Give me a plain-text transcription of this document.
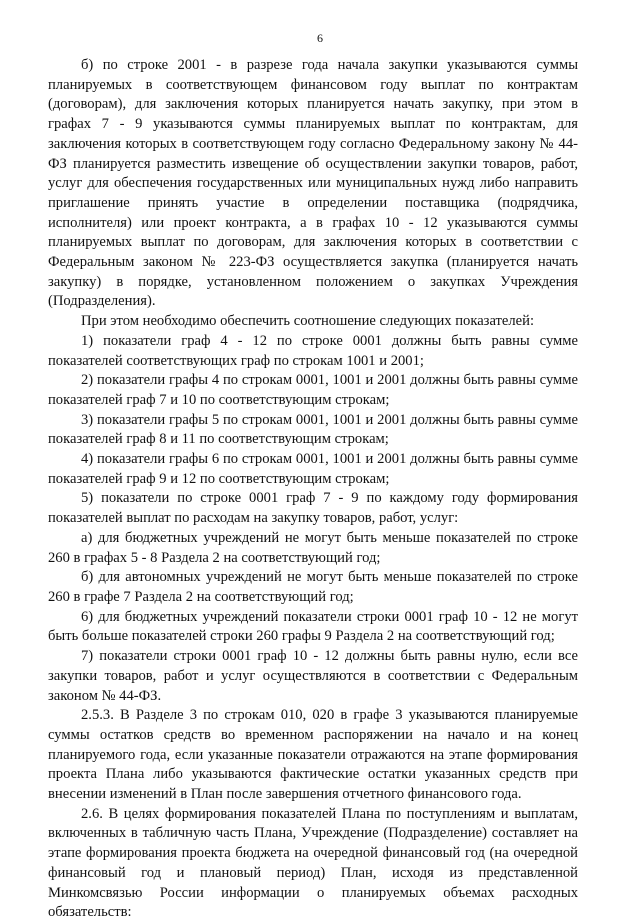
6

б) по строке 2001 - в разрезе года начала закупки указываются суммы планируемых в соответствующем финансовом году выплат по контрактам (договорам), для заключения которых планируется начать закупку, при этом в графах 7 - 9 указываются суммы планируемых выплат по контрактам, для заключения которых в соответствующем году согласно Федеральному закону № 44-ФЗ планируется разместить извещение об осуществлении закупки товаров, работ, услуг для обеспечения государственных или муниципальных нужд либо направить приглашение принять участие в определении поставщика (подрядчика, исполнителя) или проект контракта, а в графах 10 - 12 указываются суммы планируемых выплат по договорам, для заключения которых в соответствии с Федеральным законом № 223-ФЗ осуществляется закупка (планируется начать закупку) в порядке, установленном положением о закупках Учреждения (Подразделения).

При этом необходимо обеспечить соотношение следующих показателей:

1) показатели граф 4 - 12 по строке 0001 должны быть равны сумме показателей соответствующих граф по строкам 1001 и 2001;

2) показатели графы 4 по строкам 0001, 1001 и 2001 должны быть равны сумме показателей граф 7 и 10 по соответствующим строкам;

3) показатели графы 5 по строкам 0001, 1001 и 2001 должны быть равны сумме показателей граф 8 и 11 по соответствующим строкам;

4) показатели графы 6 по строкам 0001, 1001 и 2001 должны быть равны сумме показателей граф 9 и 12 по соответствующим строкам;

5) показатели по строке 0001 граф 7 - 9 по каждому году формирования показателей выплат по расходам на закупку товаров, работ, услуг:

а) для бюджетных учреждений не могут быть меньше показателей по строке 260 в графах 5 - 8 Раздела 2 на соответствующий год;

б) для автономных учреждений не могут быть меньше показателей по строке 260 в графе 7 Раздела 2 на соответствующий год;

6) для бюджетных учреждений показатели строки 0001 граф 10 - 12 не могут быть больше показателей строки 260 графы 9 Раздела 2 на соответствующий год;

7) показатели строки 0001 граф 10 - 12 должны быть равны нулю, если все закупки товаров, работ и услуг осуществляются в соответствии с Федеральным законом № 44-ФЗ.

2.5.3. В Разделе 3 по строкам 010, 020 в графе 3 указываются планируемые суммы остатков средств во временном распоряжении на начало и на конец планируемого года, если указанные показатели отражаются на этапе формирования проекта Плана либо указываются фактические остатки указанных средств при внесении изменений в План после завершения отчетного финансового года.

2.6. В целях формирования показателей Плана по поступлениям и выплатам, включенных в табличную часть Плана, Учреждение (Подразделение) составляет на этапе формирования проекта бюджета на очередной финансовый год (на очередной финансовый год и плановый период) План, исходя из представленной Минкомсвязью России информации о планируемых объемах расходных обязательств:
